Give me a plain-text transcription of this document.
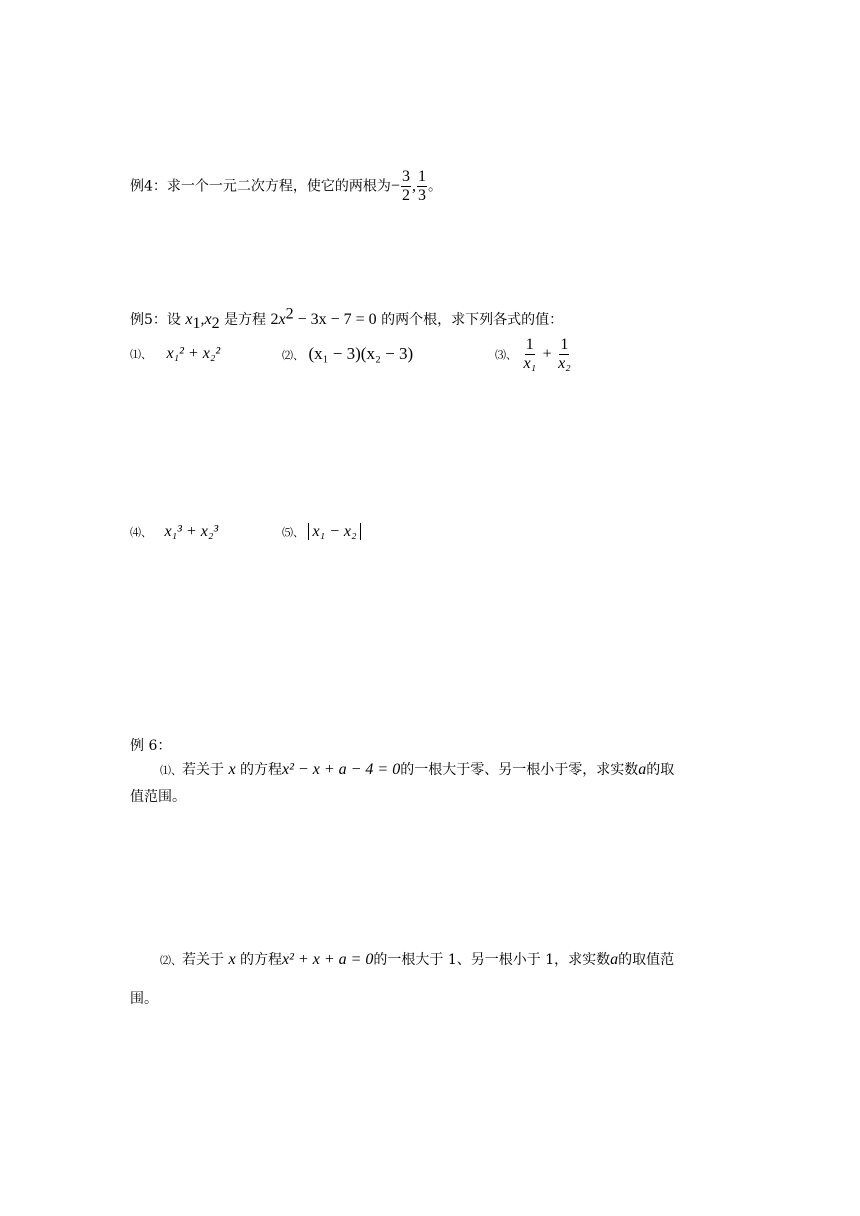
例4：求一个一元二次方程，使它的两根为− $\frac{3}{2}$ , $\frac{1}{3}$ 。
例5：设 $x_1,x_2$ 是方程 $2x^2 - 3x - 7 = 0$ 的两个根，求下列各式的值：
⑴、 x₁² + x₂²	⑵、 (x₁ − 3)(x₂ − 3)	⑶、 $\frac{1}{\text{x₁}} + \frac{1}{\text{x₂}}$
⑷、 x₁³ + x₂³	⑸、 x₁ − x₂
例 6：
⑴、若关于 x 的方程x² − x + a − 4 = 0的一根大于零、另一根小于零，求实数a的取
值范围。
⑵、若关于 x 的方程x² + x + a = 0的一根大于 1、另一根小于 1，求实数a的取值范
围。
